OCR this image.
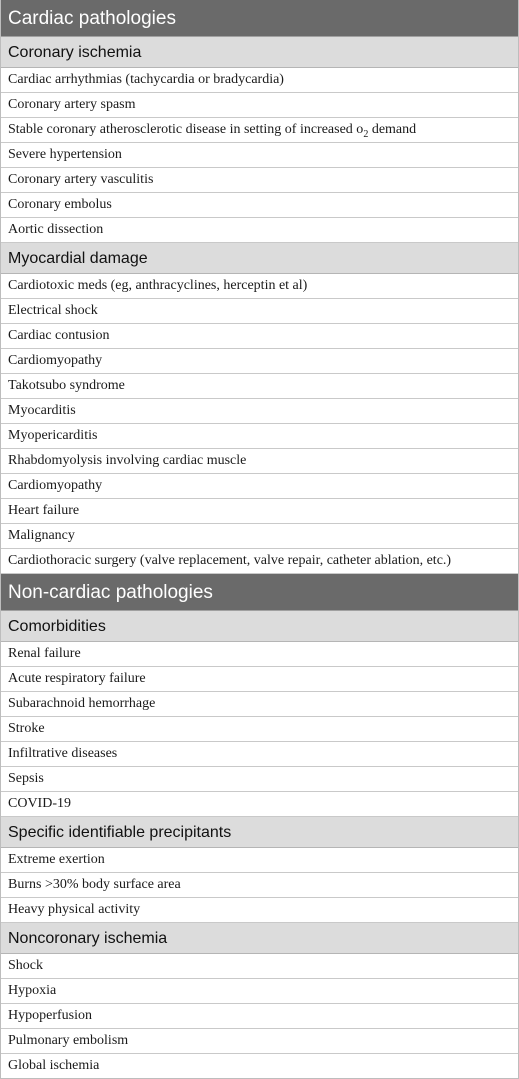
Cardiac pathologies
Coronary ischemia
Cardiac arrhythmias (tachycardia or bradycardia)
Coronary artery spasm
Stable coronary atherosclerotic disease in setting of increased $o_2$ demand
Severe hypertension
Coronary artery vasculitis
Coronary embolus
Aortic dissection
Myocardial damage
Cardiotoxic meds (eg, anthracyclines, herceptin et al)
Electrical shock
Cardiac contusion
Cardiomyopathy
Takotsubo syndrome
Myocarditis
Myopericarditis
Rhabdomyolysis involving cardiac muscle
Cardiomyopathy
Heart failure
Malignancy
Cardiothoracic surgery (valve replacement, valve repair, catheter ablation, etc.)
Non-cardiac pathologies
Comorbidities
Renal failure
Acute respiratory failure
Subarachnoid hemorrhage
Stroke
Infiltrative diseases
Sepsis
COVID-19
Specific identifiable precipitants
Extreme exertion
Burns >30% body surface area
Heavy physical activity
Noncoronary ischemia
Shock
Hypoxia
Hypoperfusion
Pulmonary embolism
Global ischemia
